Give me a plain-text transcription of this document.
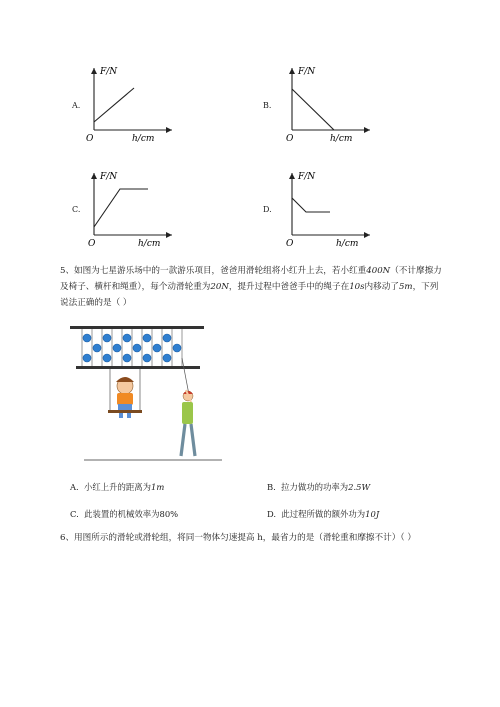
A.
F/N
h/cm
O
B.
F/N
h/cm
O
C.
F/N
h/cm
O
D.
F/N
h/cm
O
5、如图为七星游乐场中的一款游乐项目，爸爸用滑轮组将小红升上去，若小红重400N（不计摩擦力
及椅子、横杆和绳重），每个动滑轮重为20N，提升过程中爸爸手中的绳子在10s内移动了5m，下列
说法正确的是（ ）
A. 小红上升的距离为1m	B. 拉力做功的功率为2.5W
C. 此装置的机械效率为80%	D. 此过程所做的额外功为10J
6、用图所示的滑轮或滑轮组，将同一物体匀速提高 h，最省力的是（滑轮重和摩擦不计）（ ）
